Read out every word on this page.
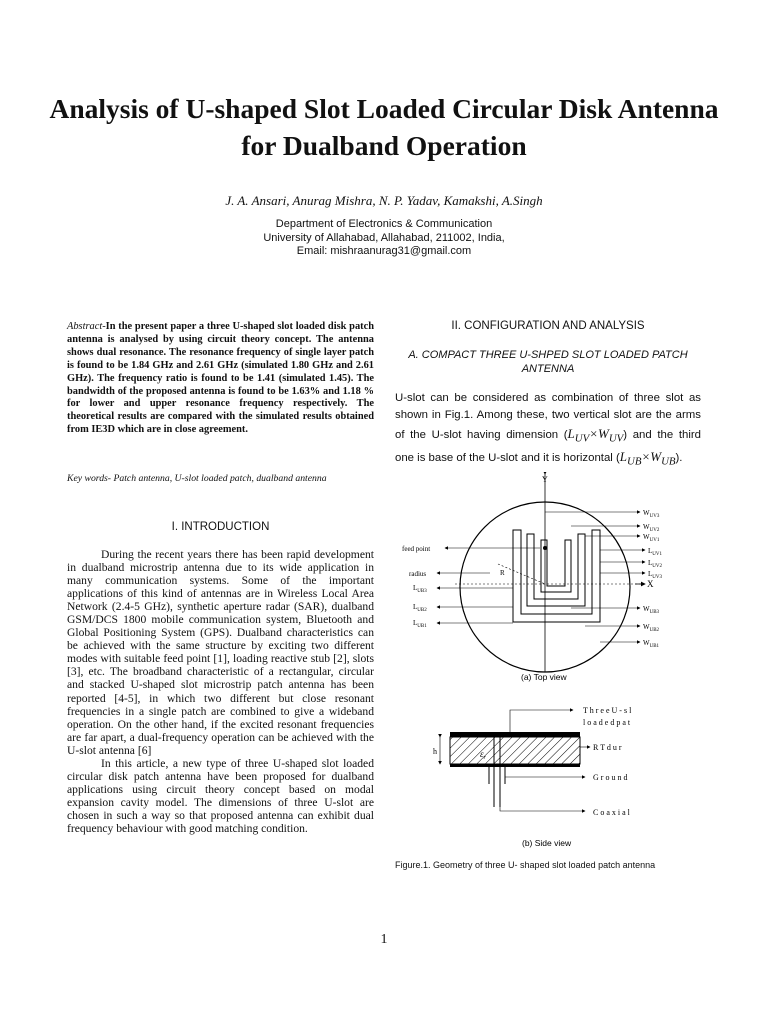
Analysis of U-shaped Slot Loaded Circular Disk Antenna for Dualband Operation
J. A. Ansari, Anurag Mishra, N. P. Yadav, Kamakshi, A.Singh
Department of Electronics & Communication
University of Allahabad, Allahabad, 211002, India,
Email: mishraanurag31@gmail.com
Abstract-In the present paper a three U-shaped slot loaded disk patch antenna is analysed by using circuit theory concept. The antenna shows dual resonance. The resonance frequency of single layer patch is found to be 1.84 GHz and 2.61 GHz (simulated 1.80 GHz and 2.61 GHz). The frequency ratio is found to be 1.41 (simulated 1.45). The bandwidth of the proposed antenna is found to be 1.63% and 1.18 % for lower and upper resonance frequency respectively. The theoretical results are compared with the simulated results obtained from IE3D which are in close agreement.
Key words- Patch antenna, U-slot loaded patch, dualband antenna
I. INTRODUCTION

During the recent years there has been rapid development in dualband microstrip antenna due to its wide application in many communication systems. Some of the important applications of this kind of antennas are in Wireless Local Area Network (2.4-5 GHz), synthetic aperture radar (SAR), dualband GSM/DCS 1800 mobile communication system, Bluetooth and Global Positioning System (GPS). Dualband characteristics can be achieved with the same structure by exciting two different modes with suitable feed point [1], loading reactive stub [2], slots [3], etc. The broadband characteristic of a rectangular, circular and stacked U-shaped slot microstrip patch antenna has been reported [4-5], in which two different but close resonant frequencies in a single patch are combined to give a wideband operation. On the other hand, if the excited resonant frequencies are far apart, a dual-frequency operation can be achieved with the U-slot antenna [6]

In this article, a new type of three U-shaped slot loaded circular disk patch antenna have been proposed for dualband applications using circuit theory concept based on modal expansion cavity model. The dimensions of three U-slot are chosen in such a way so that proposed antenna can exhibit dual frequency behaviour with good matching condition.

II. CONFIGURATION AND ANALYSIS
A. COMPACT THREE U-SHPED SLOT LOADED PATCH ANTENNA
U-slot can be considered as combination of three slot as shown in Fig.1. Among these, two vertical slot are the arms of the U-slot having dimension $(L_{UV}\times W_{UV})$ and the third one is base of the U-slot and it is horizontal $(L_{UB}\times W_{UB})$.
Y
X
R
feed point
radius
$L_{UB3}$
$L_{UB2}$
$L_{UB1}$
$W_{UV3}$
$W_{UV2}$
$W_{UV1}$
$L_{UV1}$
$L_{UV2}$
$L_{UV3}$
$W_{UB3}$
$W_{UB2}$
$W_{UB1}$
(a) Top view
h	$\varepsilon_r$
T h r e e U - s l
l o a d e d p a t
R T d u r
G r o u n d
C o a x i a l
(b) Side view
Figure.1. Geometry of three U- shaped slot loaded patch antenna
1
